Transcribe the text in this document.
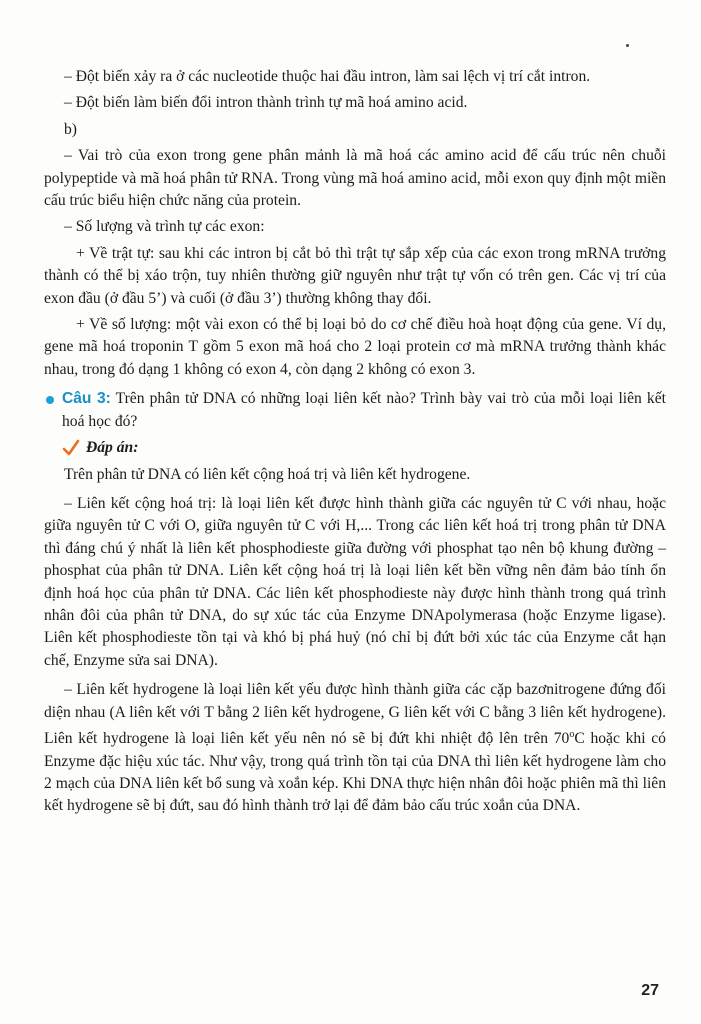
– Đột biến xảy ra ở các nucleotide thuộc hai đầu intron, làm sai lệch vị trí cắt intron.

– Đột biến làm biến đổi intron thành trình tự mã hoá amino acid.

b)

– Vai trò của exon trong gene phân mảnh là mã hoá các amino acid để cấu trúc nên chuỗi polypeptide và mã hoá phân tử RNA. Trong vùng mã hoá amino acid, mỗi exon quy định một miền cấu trúc biểu hiện chức năng của protein.

– Số lượng và trình tự các exon:

+ Về trật tự: sau khi các intron bị cắt bỏ thì trật tự sắp xếp của các exon trong mRNA trưởng thành có thể bị xáo trộn, tuy nhiên thường giữ nguyên như trật tự vốn có trên gen. Các vị trí của exon đầu (ở đầu 5’) và cuối (ở đầu 3’) thường không thay đổi.

+ Về số lượng: một vài exon có thể bị loại bỏ do cơ chế điều hoà hoạt động của gene. Ví dụ, gene mã hoá troponin T gồm 5 exon mã hoá cho 2 loại protein cơ mà mRNA trưởng thành khác nhau, trong đó dạng 1 không có exon 4, còn dạng 2 không có exon 3.

Câu 3: Trên phân tử DNA có những loại liên kết nào? Trình bày vai trò của mỗi loại liên kết hoá học đó?
Đáp án:

Trên phân tử DNA có liên kết cộng hoá trị và liên kết hydrogene.

– Liên kết cộng hoá trị: là loại liên kết được hình thành giữa các nguyên tử C với nhau, hoặc giữa nguyên tử C với O, giữa nguyên tử C với H,... Trong các liên kết hoá trị trong phân tử DNA thì đáng chú ý nhất là liên kết phosphodieste giữa đường với phosphat tạo nên bộ khung đường – phosphat của phân tử DNA. Liên kết cộng hoá trị là loại liên kết bền vững nên đảm bảo tính ổn định hoá học của phân tử DNA. Các liên kết phosphodieste này được hình thành trong quá trình nhân đôi của phân tử DNA, do sự xúc tác của Enzyme DNApolymerasa (hoặc Enzyme ligase). Liên kết phosphodieste tồn tại và khó bị phá huỷ (nó chỉ bị đứt bởi xúc tác của Enzyme cắt hạn chế, Enzyme sửa sai DNA).

– Liên kết hydrogene là loại liên kết yếu được hình thành giữa các cặp bazơnitrogene đứng đối diện nhau (A liên kết với T bằng 2 liên kết hydrogene, G liên kết với C bằng 3 liên kết hydrogene). Liên kết hydrogene là loại liên kết yếu nên nó sẽ bị đứt khi nhiệt độ lên trên 70$^o$C hoặc khi có Enzyme đặc hiệu xúc tác. Như vậy, trong quá trình tồn tại của DNA thì liên kết hydrogene làm cho 2 mạch của DNA liên kết bổ sung và xoắn kép. Khi DNA thực hiện nhân đôi hoặc phiên mã thì liên kết hydrogene sẽ bị đứt, sau đó hình thành trở lại để đảm bảo cấu trúc xoắn của DNA.

27
